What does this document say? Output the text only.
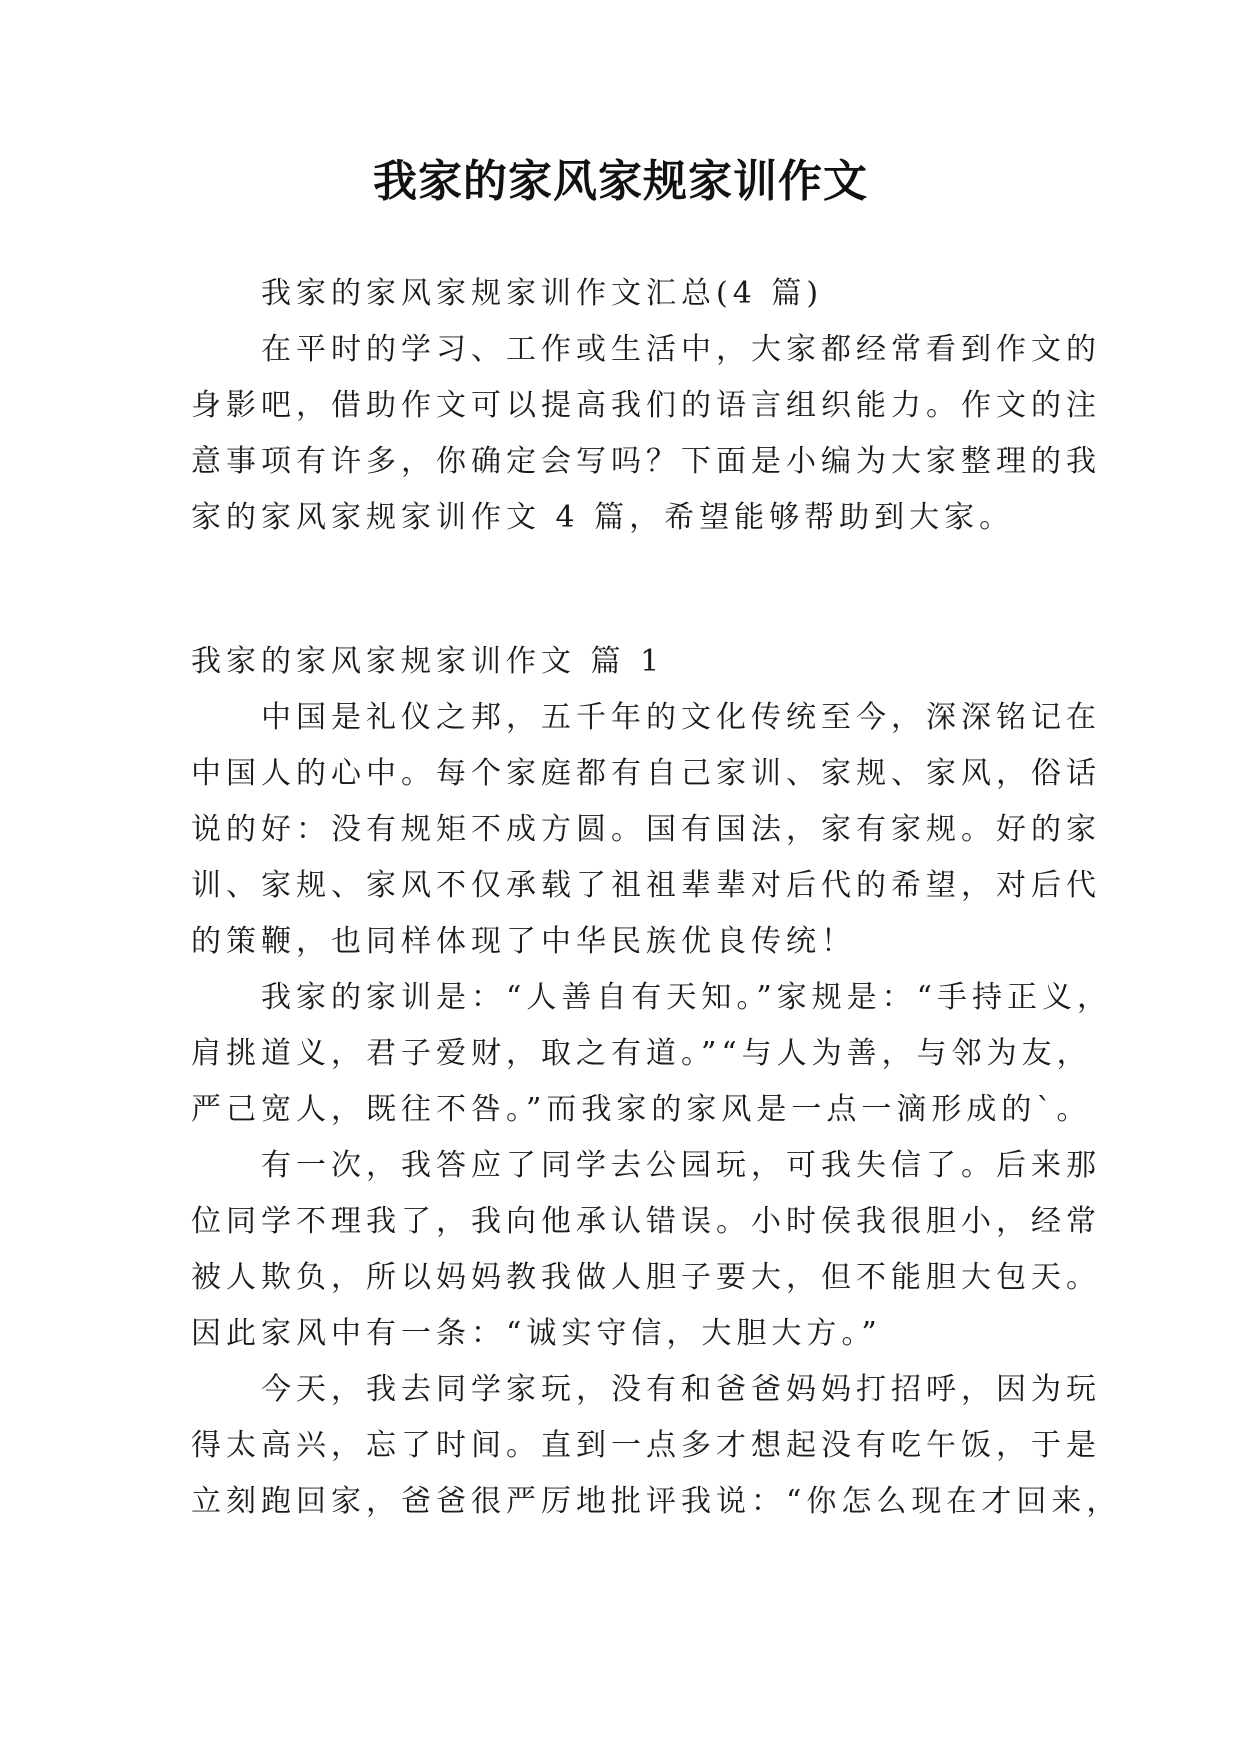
我家的家风家规家训作文
我家的家风家规家训作文汇总(4 篇)
在平时的学习、工作或生活中，大家都经常看到作文的
身影吧，借助作文可以提高我们的语言组织能力。作文的注
意事项有许多，你确定会写吗？下面是小编为大家整理的我
家的家风家规家训作文 4 篇，希望能够帮助到大家。
我家的家风家规家训作文 篇 1
中国是礼仪之邦，五千年的文化传统至今，深深铭记在
中国人的心中。每个家庭都有自己家训、家规、家风，俗话
说的好：没有规矩不成方圆。国有国法，家有家规。好的家
训、家规、家风不仅承载了祖祖辈辈对后代的希望，对后代
的策鞭，也同样体现了中华民族优良传统！
我家的家训是：“人善自有天知。”家规是：“手持正义，
肩挑道义，君子爱财，取之有道。”“与人为善，与邻为友，
严己宽人，既往不咎。”而我家的家风是一点一滴形成的`。
有一次，我答应了同学去公园玩，可我失信了。后来那
位同学不理我了，我向他承认错误。小时侯我很胆小，经常
被人欺负，所以妈妈教我做人胆子要大，但不能胆大包天。
因此家风中有一条：“诚实守信，大胆大方。”
今天，我去同学家玩，没有和爸爸妈妈打招呼，因为玩
得太高兴，忘了时间。直到一点多才想起没有吃午饭，于是
立刻跑回家，爸爸很严厉地批评我说：“你怎么现在才回来，
